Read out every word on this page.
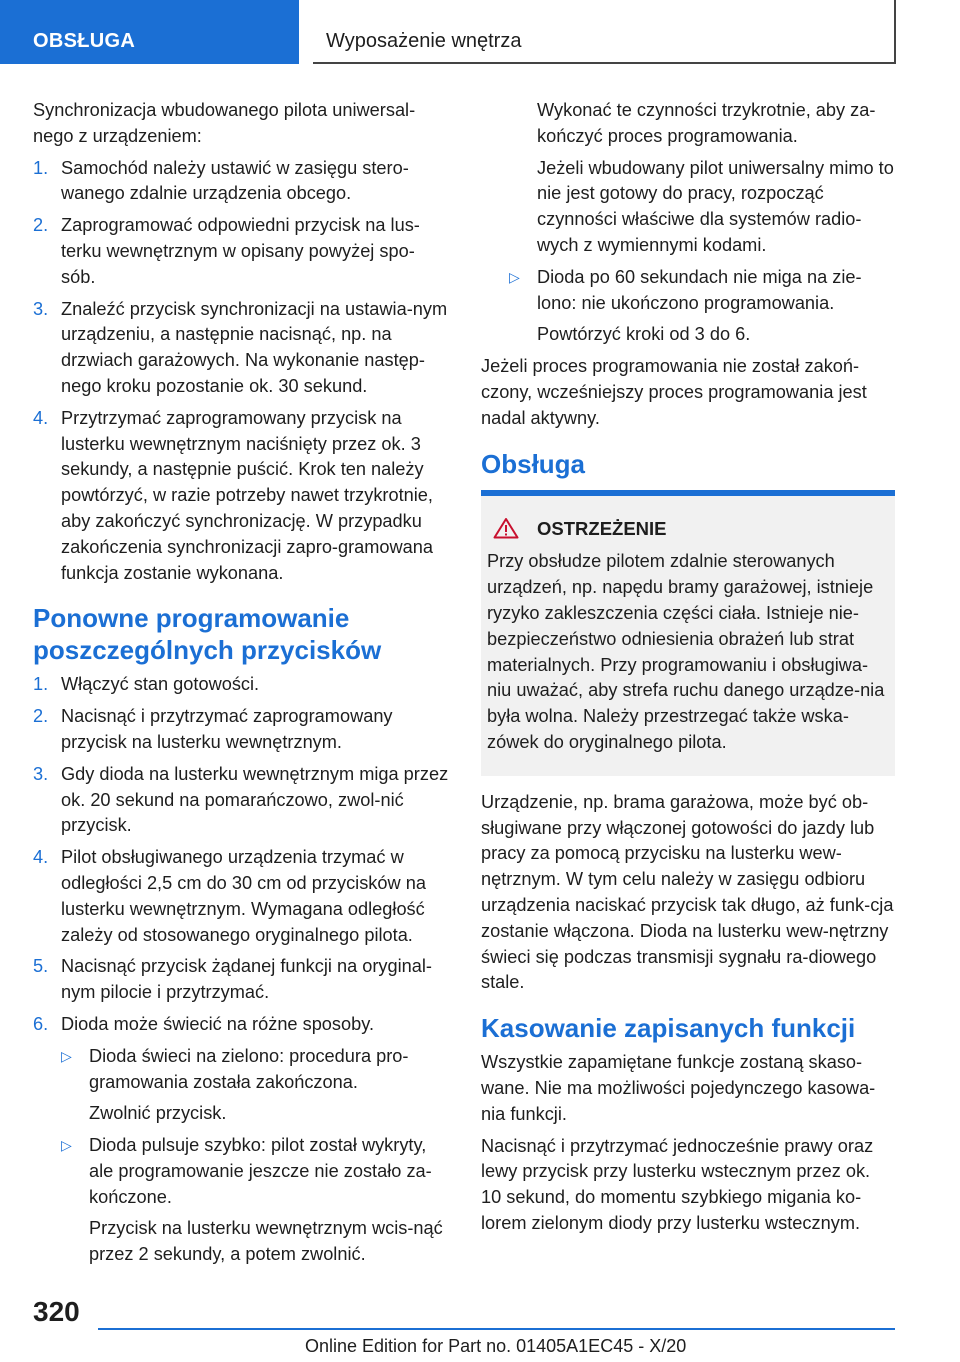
OBSŁUGA	Wyposażenie wnętrza
Synchronizacja wbudowanego pilota uniwersal-nego z urządzeniem:
1. Samochód należy ustawić w zasięgu stero-wanego zdalnie urządzenia obcego.
2. Zaprogramować odpowiedni przycisk na lus-terku wewnętrznym w opisany powyżej spo-sób.
3. Znaleźć przycisk synchronizacji na ustawia-nym urządzeniu, a następnie nacisnąć, np. na drzwiach garażowych. Na wykonanie następ-nego kroku pozostanie ok. 30 sekund.
4. Przytrzymać zaprogramowany przycisk na lusterku wewnętrznym naciśnięty przez ok. 3 sekundy, a następnie puścić. Krok ten należy powtórzyć, w razie potrzeby nawet trzykrotnie, aby zakończyć synchronizację. W przypadku zakończenia synchronizacji zapro-gramowana funkcja zostanie wykonana.
Ponowne programowanie poszczególnych przycisków
1. Włączyć stan gotowości.
2. Nacisnąć i przytrzymać zaprogramowany przycisk na lusterku wewnętrznym.
3. Gdy dioda na lusterku wewnętrznym miga przez ok. 20 sekund na pomarańczowo, zwol-nić przycisk.
4. Pilot obsługiwanego urządzenia trzymać w odległości 2,5 cm do 30 cm od przycisków na lusterku wewnętrznym. Wymagana odległość zależy od stosowanego oryginalnego pilota.
5. Nacisnąć przycisk żądanej funkcji na oryginal-nym pilocie i przytrzymać.
6. Dioda może świecić na różne sposoby.
▷ Dioda świeci na zielono: procedura pro-gramowania została zakończona.
Zwolnić przycisk.
▷ Dioda pulsuje szybko: pilot został wykryty, ale programowanie jeszcze nie zostało za-kończone.
Przycisk na lusterku wewnętrznym wcis-nąć przez 2 sekundy, a potem zwolnić.
Wykonać te czynności trzykrotnie, aby za-kończyć proces programowania.
Jeżeli wbudowany pilot uniwersalny mimo to nie jest gotowy do pracy, rozpocząć czynności właściwe dla systemów radio-wych z wymiennymi kodami.
▷ Dioda po 60 sekundach nie miga na zie-lono: nie ukończono programowania.
Powtórzyć kroki od 3 do 6.
Jeżeli proces programowania nie został zakoń-czony, wcześniejszy proces programowania jest nadal aktywny.
Obsługa
OSTRZEŻENIE
Przy obsłudze pilotem zdalnie sterowanych urządzeń, np. napędu bramy garażowej, istnieje ryzyko zakleszczenia części ciała. Istnieje nie-bezpieczeństwo odniesienia obrażeń lub strat materialnych. Przy programowaniu i obsługiwa-niu uważać, aby strefa ruchu danego urządze-nia była wolna. Należy przestrzegać także wska-zówek do oryginalnego pilota.
Urządzenie, np. brama garażowa, może być ob-sługiwane przy włączonej gotowości do jazdy lub pracy za pomocą przycisku na lusterku wew-nętrznym. W tym celu należy w zasięgu odbioru urządzenia naciskać przycisk tak długo, aż funk-cja zostanie włączona. Dioda na lusterku wew-nętrzny świeci się podczas transmisji sygnału ra-diowego stale.
Kasowanie zapisanych funkcji
Wszystkie zapamiętane funkcje zostaną skaso-wane. Nie ma możliwości pojedynczego kasowa-nia funkcji.
Nacisnąć i przytrzymać jednocześnie prawy oraz lewy przycisk przy lusterku wstecznym przez ok. 10 sekund, do momentu szybkiego migania ko-lorem zielonym diody przy lusterku wstecznym.
320
Online Edition for Part no. 01405A1EC45 - X/20
